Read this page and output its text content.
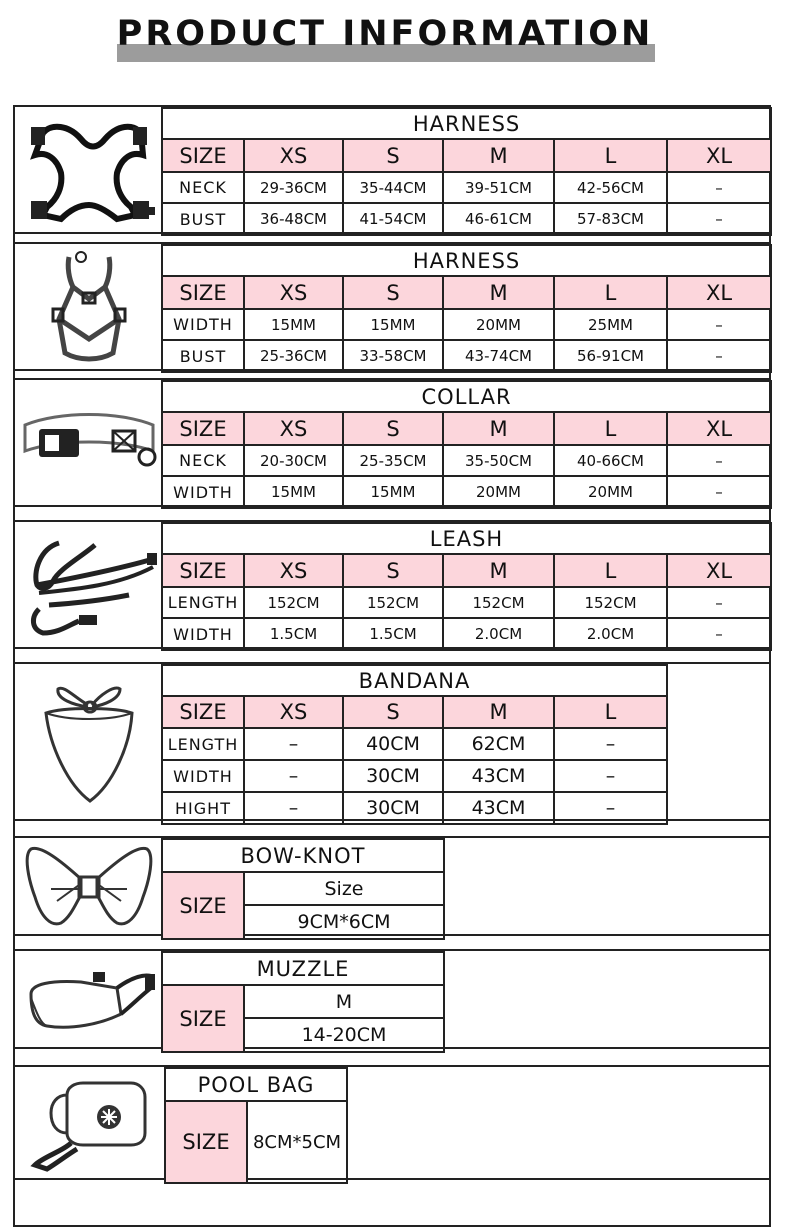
PRODUCT INFORMATION
HARNESS					
SIZE	XS	S	M	L	XL
NECK	29-36CM	35-44CM	39-51CM	42-56CM	–
BUST	36-48CM	41-54CM	46-61CM	57-83CM	–
HARNESS					
SIZE	XS	S	M	L	XL
WIDTH	15MM	15MM	20MM	25MM	–
BUST	25-36CM	33-58CM	43-74CM	56-91CM	–
COLLAR					
SIZE	XS	S	M	L	XL
NECK	20-30CM	25-35CM	35-50CM	40-66CM	–
WIDTH	15MM	15MM	20MM	20MM	–
LEASH					
SIZE	XS	S	M	L	XL
LENGTH	152CM	152CM	152CM	152CM	–
WIDTH	1.5CM	1.5CM	2.0CM	2.0CM	–
BANDANA				
SIZE	XS	S	M	L
LENGTH	–	40CM	62CM	–
WIDTH	–	30CM	43CM	–
HIGHT	–	30CM	43CM	–
BOW-KNOT
SIZE	Size
9CM*6CM
MUZZLE
SIZE	M
14-20CM
POOL BAG
SIZE	8CM*5CM
